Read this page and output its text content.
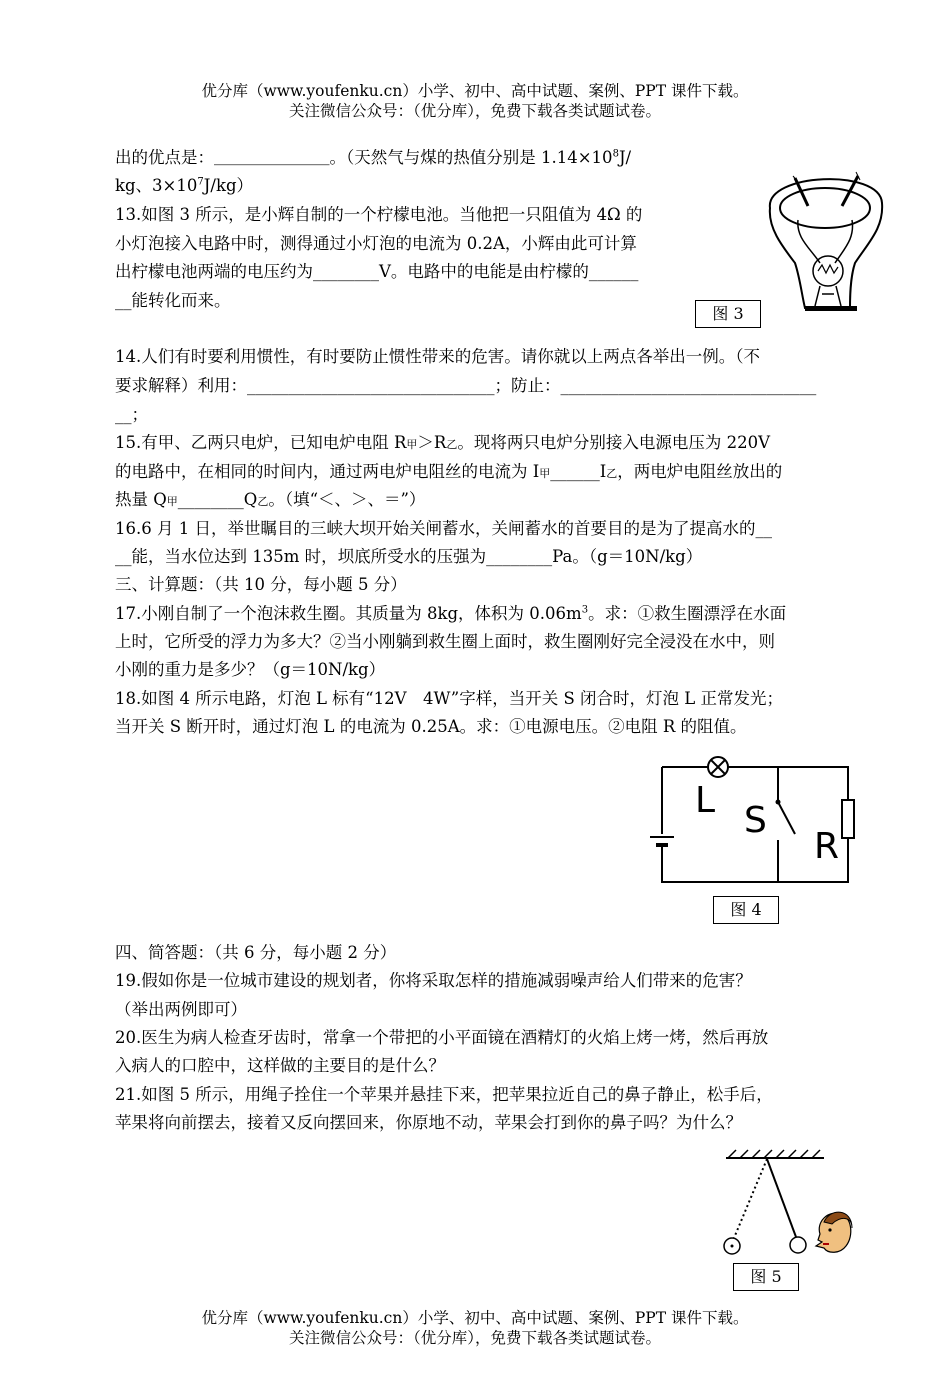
优分库（www.youfenku.cn）小学、初中、高中试题、案例、PPT 课件下载。
关注微信公众号：（优分库），免费下载各类试题试卷。
出的优点是：＿＿＿＿＿＿＿。（天然气与煤的热值分别是 $1.14\times 10^8J/$
kg、$3\times 10^7J/kg$）
13.如图 3 所示，是小辉自制的一个柠檬电池。当他把一只阻值为 4Ω 的
小灯泡接入电路中时，测得通过小灯泡的电流为 0.2A，小辉由此可计算
出柠檬电池两端的电压约为________V。电路中的电能是由柠檬的______
__能转化而来。
图 3
14.人们有时要利用惯性，有时要防止惯性带来的危害。请你就以上两点各举出一例。（不
要求解释）利用：______________________________；防止：_______________________________
__；
15.有甲、乙两只电炉，已知电炉电阻 R甲＞R乙。现将两只电炉分别接入电源电压为 220V
的电路中，在相同的时间内，通过两电炉电阻丝的电流为 I甲______I乙，两电炉电阻丝放出的
热量 Q甲________Q乙。（填“＜、＞、＝”）
16.6 月 1 日，举世瞩目的三峡大坝开始关闸蓄水，关闸蓄水的首要目的是为了提高水的__
__能，当水位达到 135m 时，坝底所受水的压强为________Pa。（g＝10N/kg）
三、计算题：（共 10 分，每小题 5 分）
17.小刚自制了一个泡沫救生圈。其质量为 8kg，体积为 $0.06m^3$。求：①救生圈漂浮在水面
上时，它所受的浮力为多大？②当小刚躺到救生圈上面时，救生圈刚好完全浸没在水中，则
小刚的重力是多少？（g＝10N/kg）
18.如图 4 所示电路，灯泡 L 标有“12V　4W”字样，当开关 S 闭合时，灯泡 L 正常发光；
当开关 S 断开时，通过灯泡 L 的电流为 0.25A。求：①电源电压。②电阻 R 的阻值。
L S
R
图 4
四、简答题：（共 6 分，每小题 2 分）
19.假如你是一位城市建设的规划者，你将采取怎样的措施减弱噪声给人们带来的危害？
（举出两例即可）
20.医生为病人检查牙齿时，常拿一个带把的小平面镜在酒精灯的火焰上烤一烤，然后再放
入病人的口腔中，这样做的主要目的是什么？
21.如图 5 所示，用绳子拴住一个苹果并悬挂下来，把苹果拉近自己的鼻子静止，松手后，
苹果将向前摆去，接着又反向摆回来，你原地不动，苹果会打到你的鼻子吗？为什么？
图 5
优分库（www.youfenku.cn）小学、初中、高中试题、案例、PPT 课件下载。
关注微信公众号：（优分库），免费下载各类试题试卷。
